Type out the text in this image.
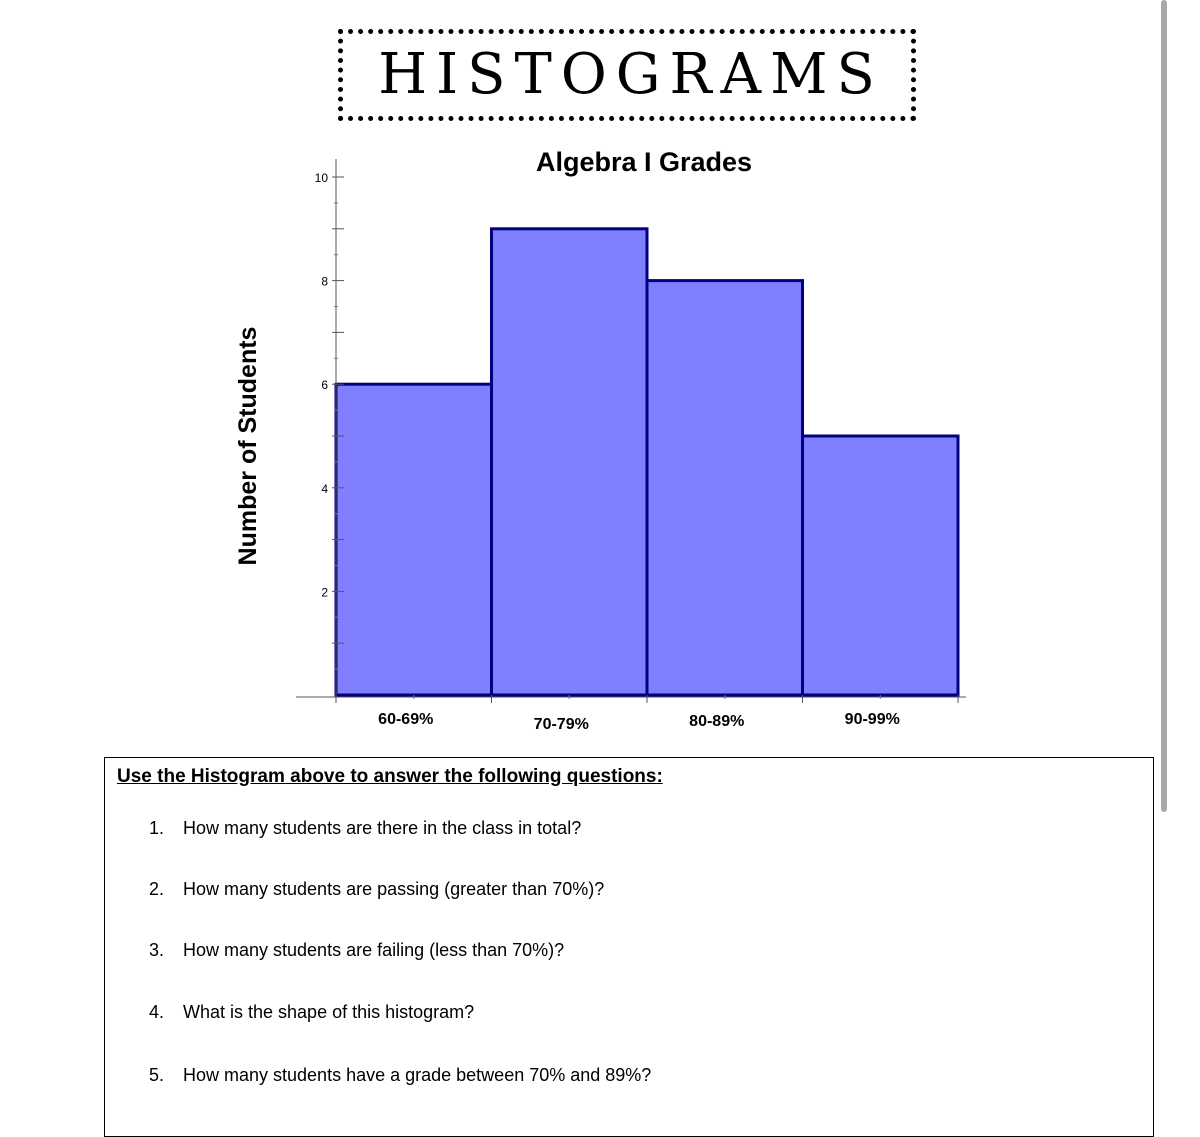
HISTOGRAMS
Algebra I Grades
Number of Students
2
4
6
8
10
60-69%	70-79%	80-89%	90-99%
Use the Histogram above to answer the following questions:
1. How many students are there in the class in total?
2. How many students are passing (greater than 70%)?
3. How many students are failing (less than 70%)?
4. What is the shape of this histogram?
5. How many students have a grade between 70% and 89%?
